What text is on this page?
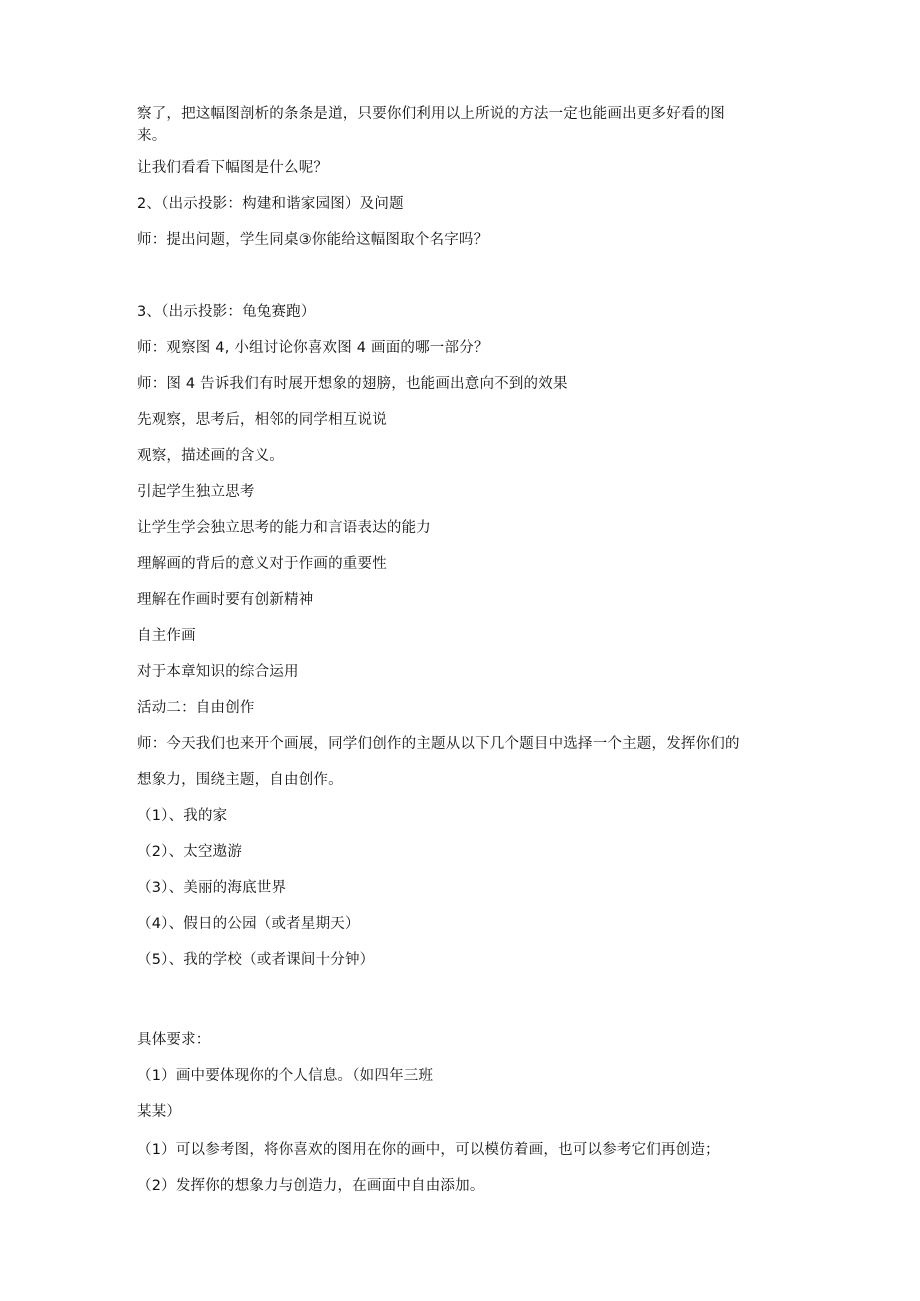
察了，把这幅图剖析的条条是道，只要你们利用以上所说的方法一定也能画出更多好看的图
来。
让我们看看下幅图是什么呢？
2、（出示投影：构建和谐家园图）及问题
师：提出问题，学生同桌③你能给这幅图取个名字吗？
3、（出示投影：龟兔赛跑）
师：观察图 4, 小组讨论你喜欢图 4 画面的哪一部分？
师：图 4 告诉我们有时展开想象的翅膀，也能画出意向不到的效果
先观察，思考后，相邻的同学相互说说
观察，描述画的含义。
引起学生独立思考
让学生学会独立思考的能力和言语表达的能力
理解画的背后的意义对于作画的重要性
理解在作画时要有创新精神
自主作画
对于本章知识的综合运用
活动二：自由创作
师：今天我们也来开个画展，同学们创作的主题从以下几个题目中选择一个主题，发挥你们的
想象力，围绕主题，自由创作。
（1）、我的家
（2）、太空遨游
（3）、美丽的海底世界
（4）、假日的公园（或者星期天）
（5）、我的学校（或者课间十分钟）
具体要求：
（1）画中要体现你的个人信息。（如四年三班
某某）
（1）可以参考图，将你喜欢的图用在你的画中，可以模仿着画，也可以参考它们再创造；
（2）发挥你的想象力与创造力，在画面中自由添加。
